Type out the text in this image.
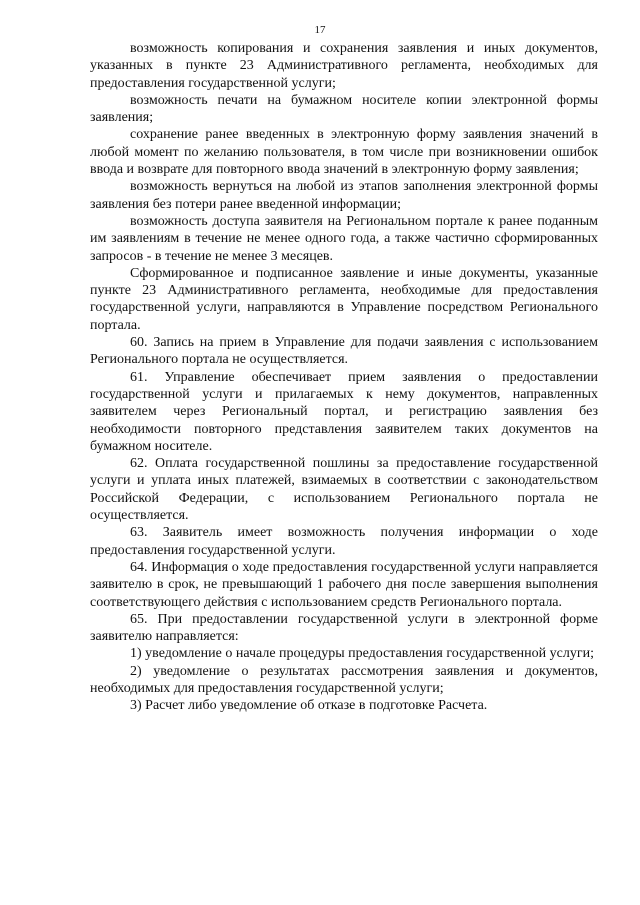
17

возможность копирования и сохранения заявления и иных документов, указанных в пункте 23 Административного регламента, необходимых для предоставления государственной услуги;

возможность печати на бумажном носителе копии электронной формы заявления;

сохранение ранее введенных в электронную форму заявления значений в любой момент по желанию пользователя, в том числе при возникновении ошибок ввода и возврате для повторного ввода значений в электронную форму заявления;

возможность вернуться на любой из этапов заполнения электронной формы заявления без потери ранее введенной информации;

возможность доступа заявителя на Региональном портале к ранее поданным им заявлениям в течение не менее одного года, а также частично сформированных запросов - в течение не менее 3 месяцев.

Сформированное и подписанное заявление и иные документы, указанные пункте 23 Административного регламента, необходимые для предоставления государственной услуги, направляются в Управление посредством Регионального портала.

60. Запись на прием в Управление для подачи заявления с использованием Регионального портала не осуществляется.

61. Управление обеспечивает прием заявления о предоставлении государственной услуги и прилагаемых к нему документов, направленных заявителем через Региональный портал, и регистрацию заявления без необходимости повторного представления заявителем таких документов на бумажном носителе.

62. Оплата государственной пошлины за предоставление государственной услуги и уплата иных платежей, взимаемых в соответствии с законодательством Российской Федерации, с использованием Регионального портала не осуществляется.

63. Заявитель имеет возможность получения информации о ходе предоставления государственной услуги.

64. Информация о ходе предоставления государственной услуги направляется заявителю в срок, не превышающий 1 рабочего дня после завершения выполнения соответствующего действия с использованием средств Регионального портала.

65. При предоставлении государственной услуги в электронной форме заявителю направляется:

1) уведомление о начале процедуры предоставления государственной услуги;

2) уведомление о результатах рассмотрения заявления и документов, необходимых для предоставления государственной услуги;

3) Расчет либо уведомление об отказе в подготовке Расчета.
